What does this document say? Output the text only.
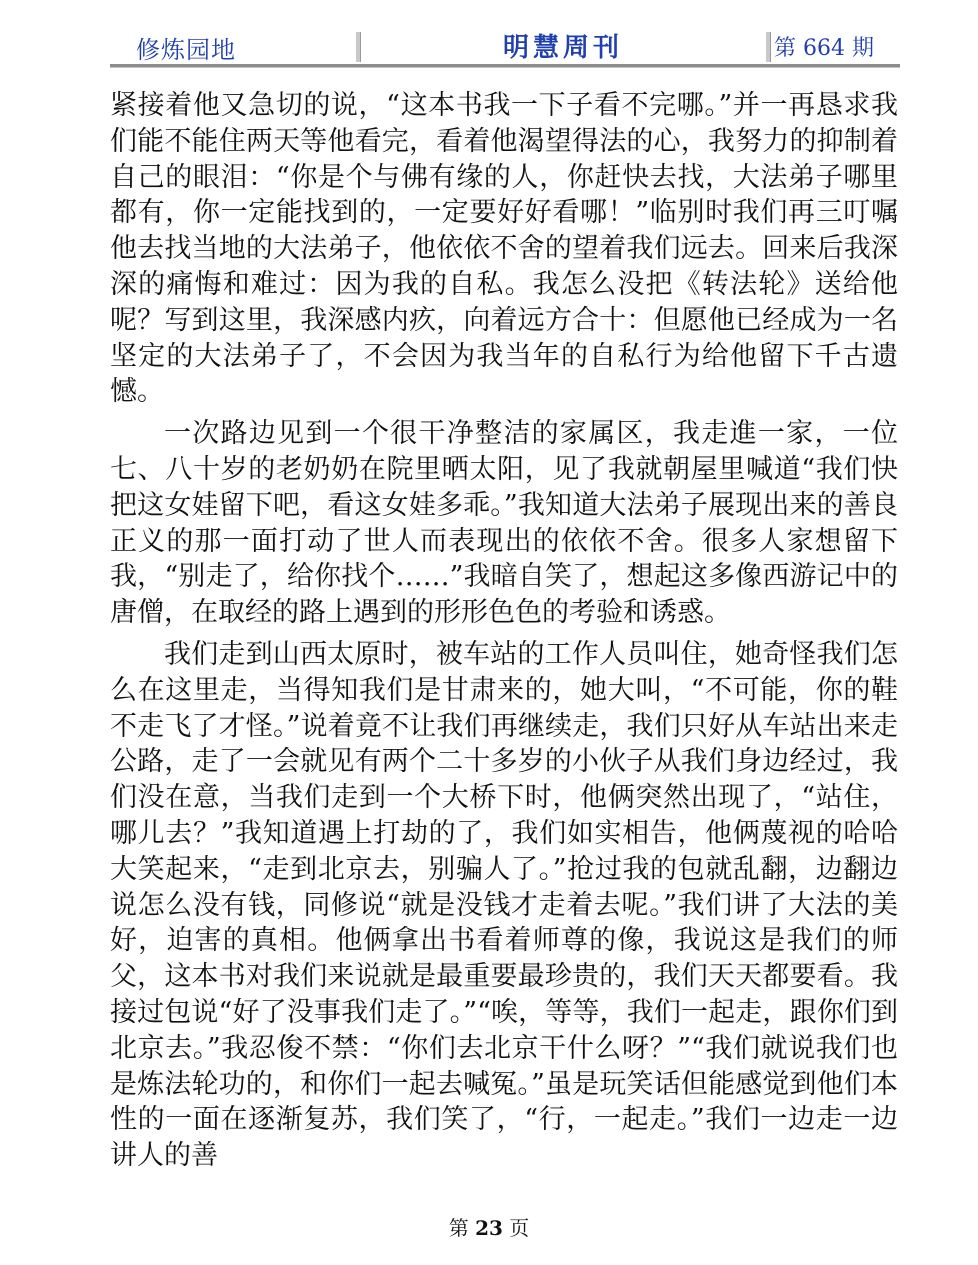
修炼园地	明慧周刊	第 664 期

紧接着他又急切的说，“这本书我一下子看不完哪。”并一再恳求我们能不能住两天等他看完，看着他渴望得法的心，我努力的抑制着自己的眼泪：“你是个与佛有缘的人，你赶快去找，大法弟子哪里都有，你一定能找到的，一定要好好看哪！”临别时我们再三叮嘱他去找当地的大法弟子，他依依不舍的望着我们远去。回来后我深深的痛悔和难过：因为我的自私。我怎么没把《转法轮》送给他呢？写到这里，我深感内疚，向着远方合十：但愿他已经成为一名坚定的大法弟子了，不会因为我当年的自私行为给他留下千古遗憾。

一次路边见到一个很干净整洁的家属区，我走進一家，一位七、八十岁的老奶奶在院里晒太阳，见了我就朝屋里喊道“我们快把这女娃留下吧，看这女娃多乖。”我知道大法弟子展现出来的善良正义的那一面打动了世人而表现出的依依不舍。很多人家想留下我，“别走了，给你找个……”我暗自笑了，想起这多像西游记中的唐僧，在取经的路上遇到的形形色色的考验和诱惑。

我们走到山西太原时，被车站的工作人员叫住，她奇怪我们怎么在这里走，当得知我们是甘肃来的，她大叫，“不可能，你的鞋不走飞了才怪。”说着竟不让我们再继续走，我们只好从车站出来走公路，走了一会就见有两个二十多岁的小伙子从我们身边经过，我们没在意，当我们走到一个大桥下时，他俩突然出现了，“站住，哪儿去？”我知道遇上打劫的了，我们如实相告，他俩蔑视的哈哈大笑起来，“走到北京去，别骗人了。”抢过我的包就乱翻，边翻边说怎么没有钱，同修说“就是没钱才走着去呢。”我们讲了大法的美好，迫害的真相。他俩拿出书看着师尊的像，我说这是我们的师父，这本书对我们来说就是最重要最珍贵的，我们天天都要看。我接过包说“好了没事我们走了。”“唉，等等，我们一起走，跟你们到北京去。”我忍俊不禁：“你们去北京干什么呀？”“我们就说我们也是炼法轮功的，和你们一起去喊冤。”虽是玩笑话但能感觉到他们本性的一面在逐渐复苏，我们笑了，“行，一起走。”我们一边走一边讲人的善

第 23 页
